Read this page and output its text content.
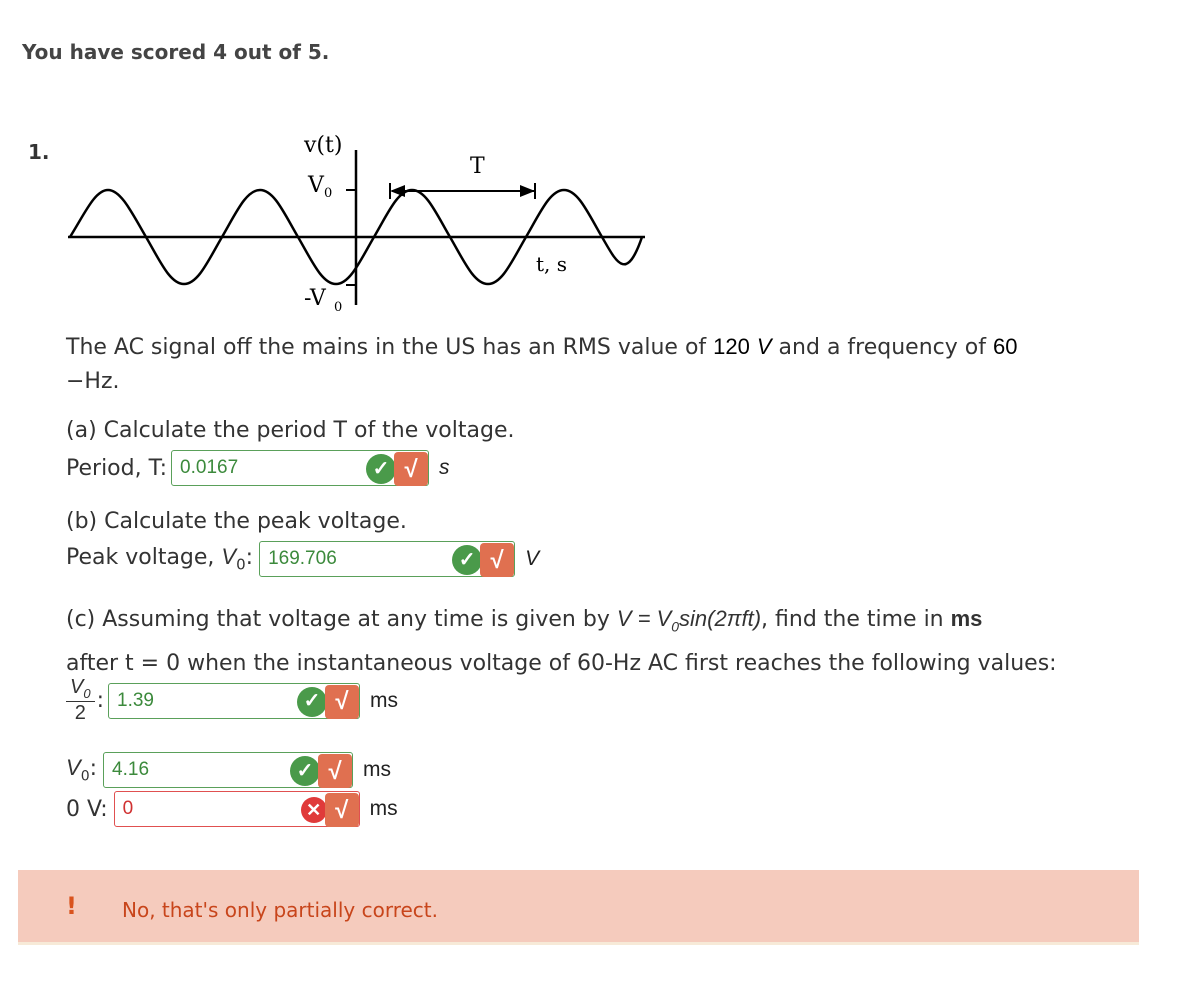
You have scored 4 out of 5.
1.	v(t)
V 0
T
t, s
-V 0
The AC signal off the mains in the US has an RMS value of 120 V and a frequency of 60
−Hz.
(a) Calculate the period T of the voltage.
Period, T: 0.0167	✓ √	s
(b) Calculate the peak voltage.
Peak voltage, $V_0$: 169.706	✓ √	V
(c) Assuming that voltage at any time is given by $V = V_0\sin(2\pi ft)$, find the time in ms
after t = 0 when the instantaneous voltage of 60-Hz AC first reaches the following values:
$\frac{V_0}{2}$ : 1.39	✓ √	ms
$V_0$: 4.16	✓ √	ms
0 V: 0	✕ √	ms
! No, that's only partially correct.
